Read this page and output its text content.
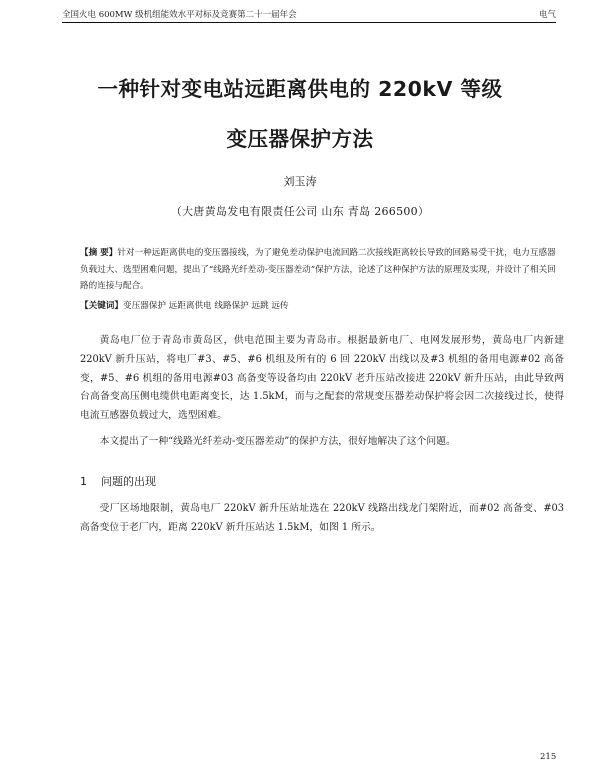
全国火电 600MW 级机组能效水平对标及竞赛第二十一届年会	电气
一种针对变电站远距离供电的 220kV 等级
变压器保护方法
刘玉涛
（大唐黄岛发电有限责任公司 山东 青岛 266500）
【摘 要】针对一种远距离供电的变压器接线，为了避免差动保护电流回路二次接线距离较长导致的回路易受干扰，电力互感器负载过大、选型困难问题，提出了“线路光纤差动-变压器差动”保护方法，论述了这种保护方法的原理及实现，并设计了相关回路的连接与配合。
【关键词】变压器保护 远距离供电 线路保护 远跳 远传

黄岛电厂位于青岛市黄岛区，供电范围主要为青岛市。根据最新电厂、电网发展形势，黄岛电厂内新建 220kV 新升压站，将电厂#3、#5、#6 机组及所有的 6 回 220kV 出线以及#3 机组的备用电源#02 高备变，#5、#6 机组的备用电源#03 高备变等设备均由 220kV 老升压站改接进 220kV 新升压站，由此导致两台高备变高压侧电缆供电距离变长，达 1.5kM，而与之配套的常规变压器差动保护将会因二次接线过长，使得电流互感器负载过大，选型困难。

本文提出了一种“线路光纤差动-变压器差动”的保护方法，很好地解决了这个问题。

1 问题的出现

受厂区场地限制，黄岛电厂 220kV 新升压站址选在 220kV 线路出线龙门架附近，而#02 高备变、#03 高备变位于老厂内，距离 220kV 新升压站达 1.5kM，如图 1 所示。

215
